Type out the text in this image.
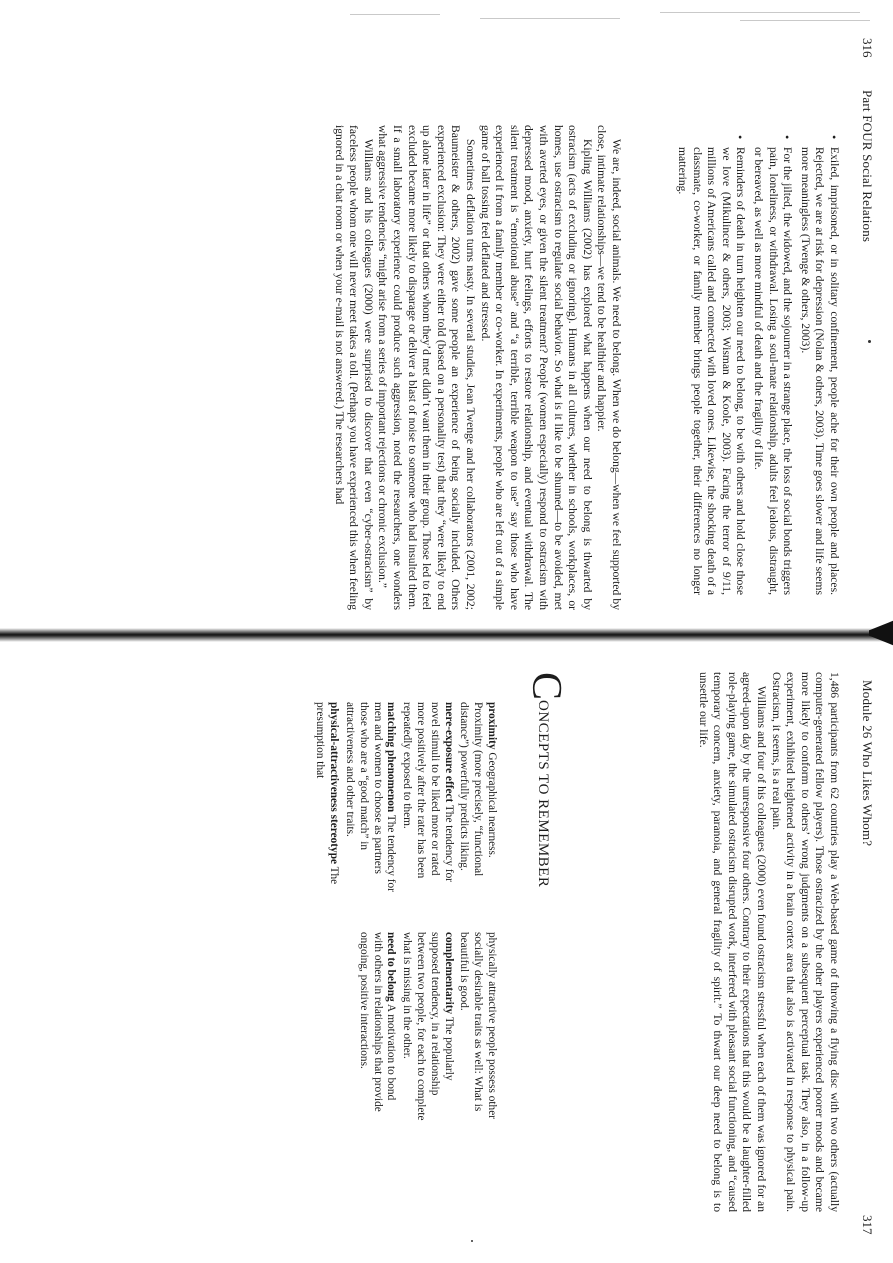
316
Part FOUR Social Relations
• Exiled, imprisoned, or in solitary confinement, people ache for their own people and places. Rejected, we are at risk for depression (Nolan & others, 2003). Time goes slower and life seems more meaningless (Twenge & others, 2003).
• For the jilted, the widowed, and the sojourner in a strange place, the loss of social bonds triggers pain, loneliness, or withdrawal. Losing a soul-mate relationship, adults feel jealous, distraught, or bereaved, as well as more mindful of death and the fragility of life.
• Reminders of death in turn heighten our need to belong, to be with others and hold close those we love (Mikulincer & others, 2003; Wisman & Koole, 2003). Facing the terror of 9/11, millions of Americans called and connected with loved ones. Likewise, the shocking death of a classmate, co-worker, or family member brings people together, their differences no longer mattering.

We are, indeed, social animals. We need to belong. When we do belong—when we feel supported by close, intimate relationships—we tend to be healthier and happier.

Kipling Williams (2002) has explored what happens when our need to belong is thwarted by ostracism (acts of excluding or ignoring). Humans in all cultures, whether in schools, workplaces, or homes, use ostracism to regulate social behavior. So what is it like to be shunned—to be avoided, met with averted eyes, or given the silent treatment? People (women especially) respond to ostracism with depressed mood, anxiety, hurt feelings, efforts to restore relationship, and eventual withdrawal. The silent treatment is “emotional abuse” and “a terrible, terrible weapon to use” say those who have experienced it from a family member or co-worker. In experiments, people who are left out of a simple game of ball tossing feel deflated and stressed.

Sometimes deflation turns nasty. In several studies, Jean Twenge and her collaborators (2001, 2002; Baumeister & others, 2002) gave some people an experience of being socially included. Others experienced exclusion: They were either told (based on a personality test) that they “were likely to end up alone later in life” or that others whom they’d met didn’t want them in their group. Those led to feel excluded became more likely to disparage or deliver a blast of noise to someone who had insulted them. If a small laboratory experience could produce such aggression, noted the researchers, one wonders what aggressive tendencies “might arise from a series of important rejections or chronic exclusion.”

Williams and his colleagues (2000) were surprised to discover that even “cyber-ostracism” by faceless people whom one will never meet takes a toll. (Perhaps you have experienced this when feeling ignored in a chat room or when your e-mail is not answered.) The researchers had

Module 26 Who Likes Whom?
317

1,486 participants from 62 countries play a Web-based game of throwing a flying disc with two others (actually computer-generated fellow players). Those ostracized by the other players experienced poorer moods and became more likely to conform to others’ wrong judgments on a subsequent perceptual task. They also, in a follow-up experiment, exhibited heightened activity in a brain cortex area that also is activated in response to physical pain. Ostracism, it seems, is a real pain.

Williams and four of his colleagues (2000) even found ostracism stressful when each of them was ignored for an agreed-upon day by the unresponsive four others. Contrary to their expectations that this would be a laughter-filled role-playing game, the simulated ostracism disrupted work, interfered with pleasant social functioning, and “caused temporary concern, anxiety, paranoia, and general fragility of spirit.” To thwart our deep need to belong is to unsettle our life.

CONCEPTS TO REMEMBER
proximity Geographical nearness. Proximity (more precisely, “functional distance”) powerfully predicts liking.
mere-exposure effect The tendency for novel stimuli to be liked more or rated more positively after the rater has been repeatedly exposed to them.
matching phenomenon The tendency for men and women to choose as partners those who are a “good match” in attractiveness and other traits.
physical-attractiveness stereotype The presumption that
physically attractive people possess other socially desirable traits as well: What is beautiful is good.
complementarity The popularly supposed tendency, in a relationship between two people, for each to complete what is missing in the other.
need to belong A motivation to bond with others in relationships that provide ongoing, positive interactions.
